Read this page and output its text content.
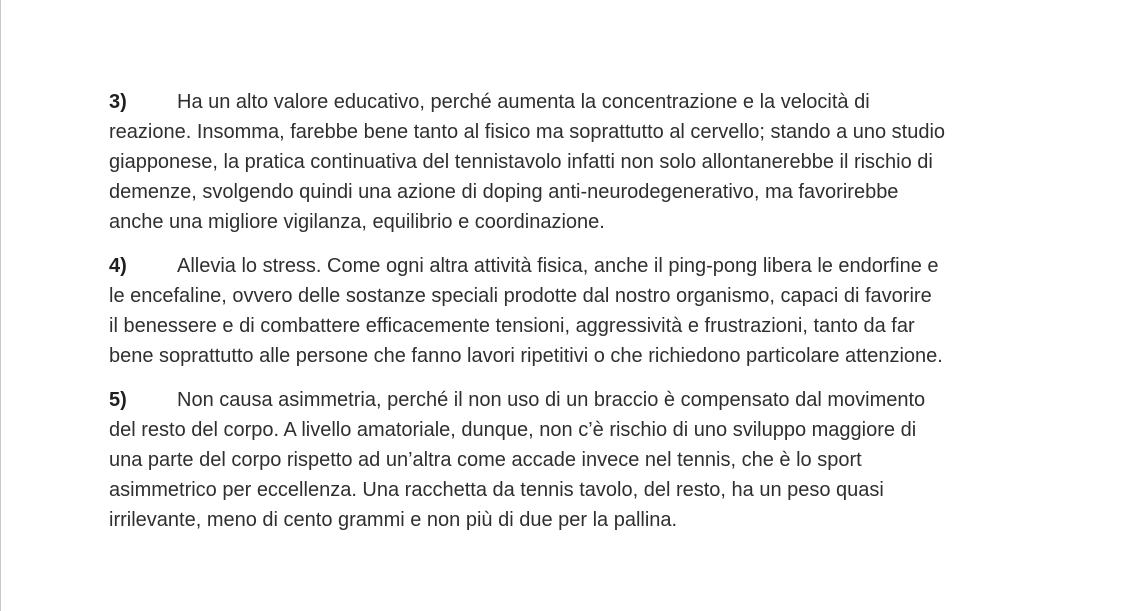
3)	Ha un alto valore educativo, perché aumenta la concentrazione e la velocità di
reazione. Insomma, farebbe bene tanto al fisico ma soprattutto al cervello; stando a uno studio
giapponese, la pratica continuativa del tennistavolo infatti non solo allontanerebbe il rischio di
demenze, svolgendo quindi una azione di doping anti-neurodegenerativo, ma favorirebbe
anche una migliore vigilanza, equilibrio e coordinazione.
4)	Allevia lo stress. Come ogni altra attività fisica, anche il ping-pong libera le endorfine e
le encefaline, ovvero delle sostanze speciali prodotte dal nostro organismo, capaci di favorire
il benessere e di combattere efficacemente tensioni, aggressività e frustrazioni, tanto da far
bene soprattutto alle persone che fanno lavori ripetitivi o che richiedono particolare attenzione.
5)	Non causa asimmetria, perché il non uso di un braccio è compensato dal movimento
del resto del corpo. A livello amatoriale, dunque, non c’è rischio di uno sviluppo maggiore di
una parte del corpo rispetto ad un’altra come accade invece nel tennis, che è lo sport
asimmetrico per eccellenza. Una racchetta da tennis tavolo, del resto, ha un peso quasi
irrilevante, meno di cento grammi e non più di due per la pallina.
